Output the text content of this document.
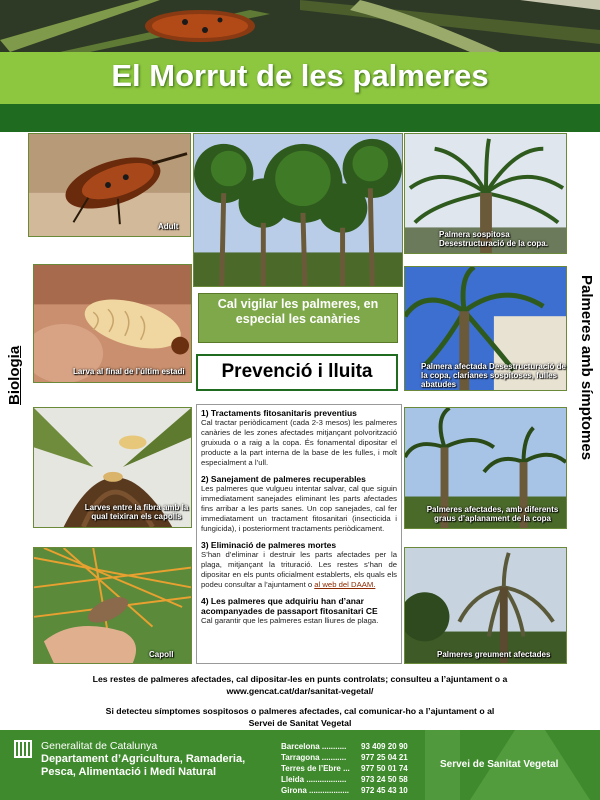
El Morrut de les palmeres
Biologia	Palmeres amb símptomes
Adult
Larva al final de l’últim estadi
Larves entre la fibra amb la qual teixiran els capolls
Capoll
Cal vigilar les palmeres, en especial les canàries
Prevenció i lluita
1) Tractaments fitosanitaris preventius
Cal tractar periòdicament (cada 2-3 mesos) les palmeres canàries de les zones afectades mitjançant polvorització gruixuda o a raig a la copa. És fonamental dipositar el producte a la part interna de la base de les fulles, i molt especialment a l’ull.
2) Sanejament de palmeres recuperables
Les palmeres que vulgueu intentar salvar, cal que siguin immediatament sanejades eliminant les parts afectades fins arribar a les parts sanes. Un cop sanejades, cal fer immediatament un tractament fitosanitari (insecticida i fungicida), i posteriorment tractaments periòdicament.
3) Eliminació de palmeres mortes
S’han d’eliminar i destruir les parts afectades per la plaga, mitjançant la trituració. Les restes s’han de dipositar en els punts oficialment establerts, els quals els podeu consultar a l’ajuntament o al web del DAAM.
4) Les palmeres que adquiriu han d’anar acompanyades de passaport fitosanitari CE
Cal garantir que les palmeres estan lliures de plaga.
Palmera sospitosa Desestructuració de la copa.
Palmera afectada Desestructuració de la copa, clarianes sospitoses, fulles abatudes
Palmeres afectades, amb diferents graus d’aplanament de la copa
Palmeres greument afectades
Les restes de palmeres afectades, cal dipositar-les en punts controlats; consulteu a l’ajuntament o a
www.gencat.cat/dar/sanitat-vegetal/
Si detecteu símptomes sospitosos o palmeres afectades, cal comunicar-ho a l’ajuntament o al
Servei de Sanitat Vegetal
Generalitat de Catalunya
Departament d’Agricultura, Ramaderia,
Pesca, Alimentació i Medi Natural
Barcelona ...........	93 409 20 90
Tarragona ...........	977 25 04 21
Terres de l’Ebre ...	977 50 01 74
Lleida ..................	973 24 50 58
Girona ..................	972 45 43 10
Servei de Sanitat Vegetal
